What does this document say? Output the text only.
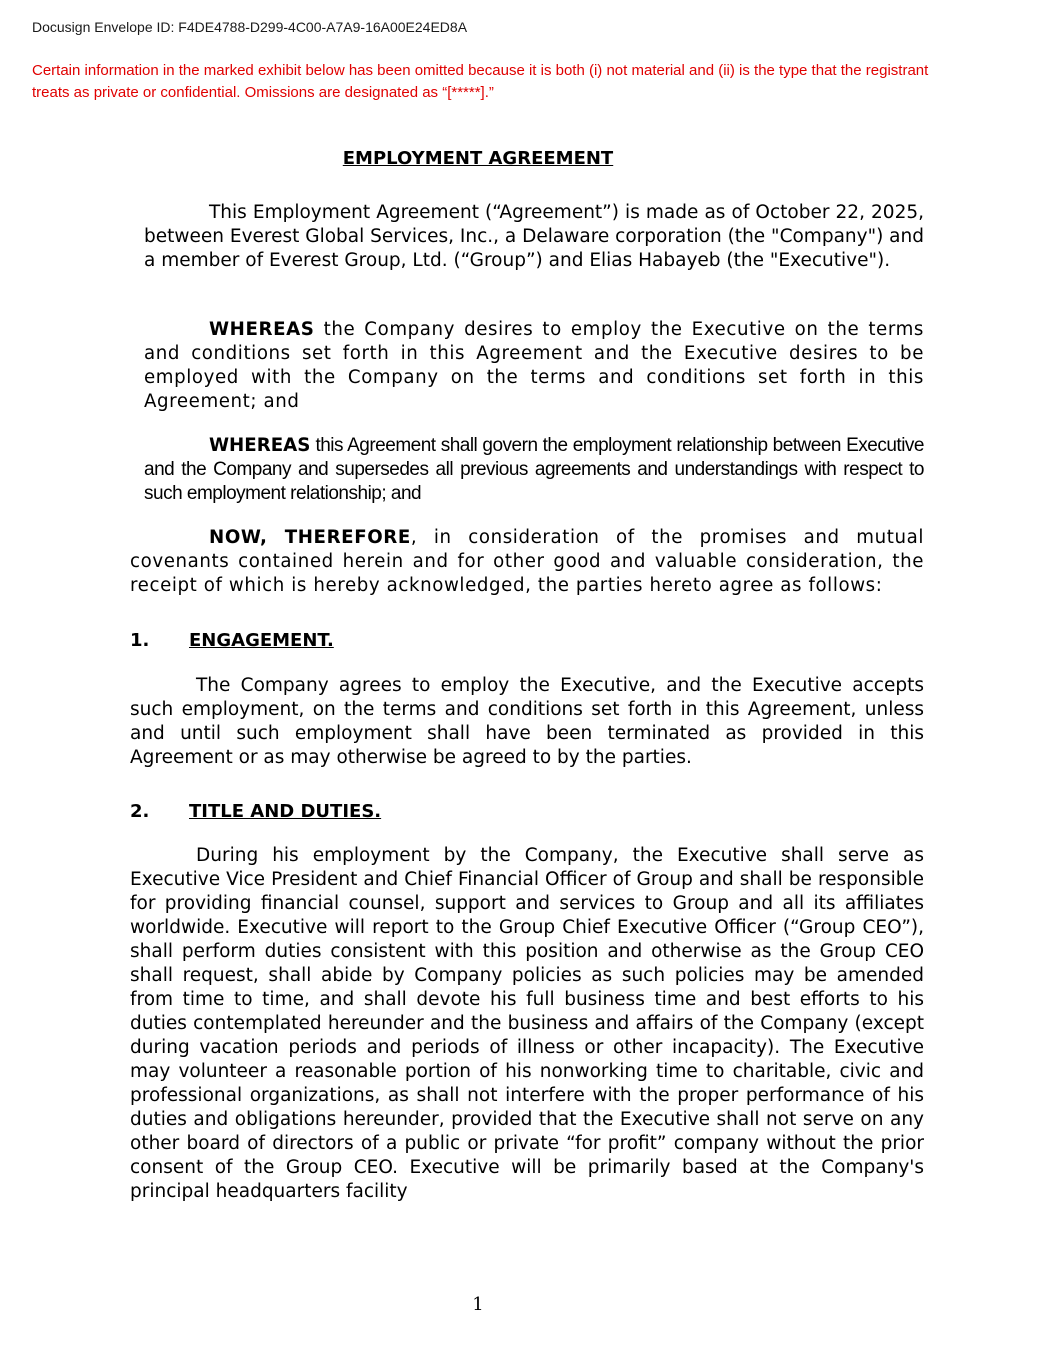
Docusign Envelope ID: F4DE4788-D299-4C00-A7A9-16A00E24ED8A
Certain information in the marked exhibit below has been omitted because it is both (i) not material and (ii) is the type that the registrant treats as private or confidential. Omissions are designated as “[*****].”
EMPLOYMENT AGREEMENT
This Employment Agreement (“Agreement”) is made as of October 22, 2025, between Everest Global Services, Inc., a Delaware corporation (the "Company") and a member of Everest Group, Ltd. (“Group”) and Elias Habayeb (the "Executive").
WHEREAS the Company desires to employ the Executive on the terms and conditions set forth in this Agreement and the Executive desires to be employed with the Company on the terms and conditions set forth in this Agreement; and
WHEREAS this Agreement shall govern the employment relationship between Executive and the Company and supersedes all previous agreements and understandings with respect to such employment relationship; and
NOW, THEREFORE, in consideration of the promises and mutual covenants contained herein and for other good and valuable consideration, the receipt of which is hereby acknowledged, the parties hereto agree as follows:
1. ENGAGEMENT.
The Company agrees to employ the Executive, and the Executive accepts such employment, on the terms and conditions set forth in this Agreement, unless and until such employment shall have been terminated as provided in this Agreement or as may otherwise be agreed to by the parties.
2. TITLE AND DUTIES.
During his employment by the Company, the Executive shall serve as Executive Vice President and Chief Financial Officer of Group and shall be responsible for providing financial counsel, support and services to Group and all its affiliates worldwide. Executive will report to the Group Chief Executive Officer (“Group CEO”), shall perform duties consistent with this position and otherwise as the Group CEO shall request, shall abide by Company policies as such policies may be amended from time to time, and shall devote his full business time and best efforts to his duties contemplated hereunder and the business and affairs of the Company (except during vacation periods and periods of illness or other incapacity). The Executive may volunteer a reasonable portion of his nonworking time to charitable, civic and professional organizations, as shall not interfere with the proper performance of his duties and obligations hereunder, provided that the Executive shall not serve on any other board of directors of a public or private “for profit” company without the prior consent of the Group CEO. Executive will be primarily based at the Company's principal headquarters facility
1
